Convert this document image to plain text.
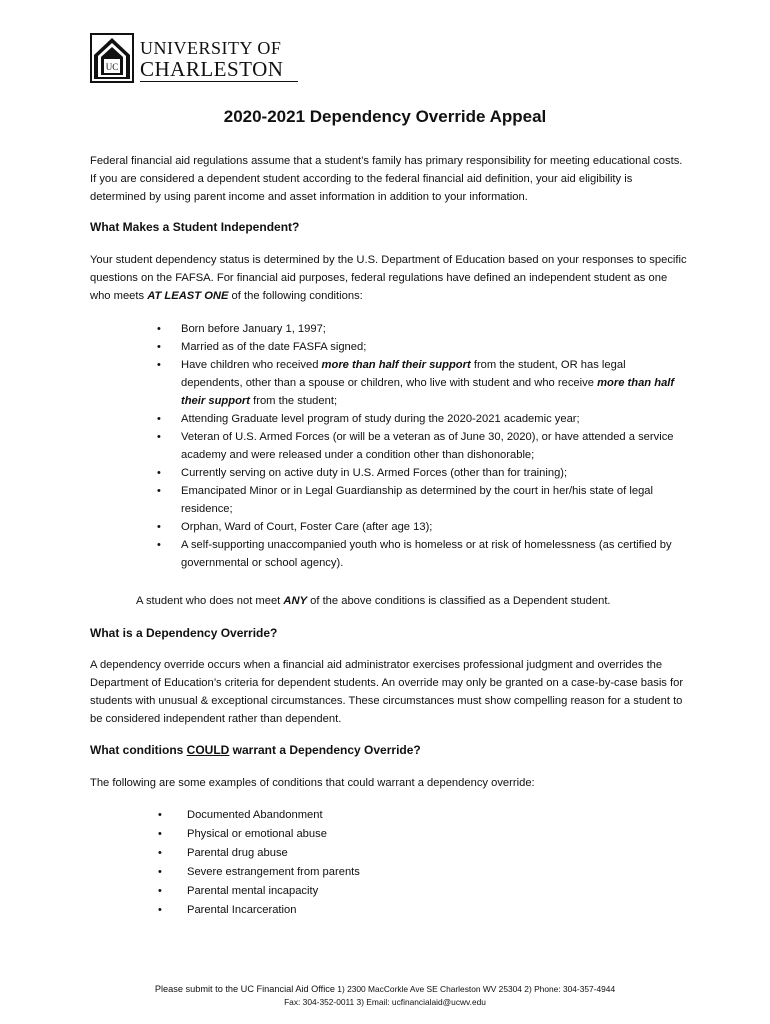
UC
UNIVERSITY OF
CHARLESTON
2020-2021 Dependency Override Appeal

Federal financial aid regulations assume that a student’s family has primary responsibility for meeting educational costs. If you are considered a dependent student according to the federal financial aid definition, your aid eligibility is determined by using parent income and asset information in addition to your information.

What Makes a Student Independent?

Your student dependency status is determined by the U.S. Department of Education based on your responses to specific questions on the FAFSA. For financial aid purposes, federal regulations have defined an independent student as one who meets AT LEAST ONE of the following conditions:

• Born before January 1, 1997;
• Married as of the date FASFA signed;
• Have children who received more than half their support from the student, OR has legal dependents, other than a spouse or children, who live with student and who receive more than half their support from the student;
• Attending Graduate level program of study during the 2020-2021 academic year;
• Veteran of U.S. Armed Forces (or will be a veteran as of June 30, 2020), or have attended a service academy and were released under a condition other than dishonorable;
• Currently serving on active duty in U.S. Armed Forces (other than for training);
• Emancipated Minor or in Legal Guardianship as determined by the court in her/his state of legal residence;
• Orphan, Ward of Court, Foster Care (after age 13);
• A self-supporting unaccompanied youth who is homeless or at risk of homelessness (as certified by governmental or school agency).

A student who does not meet ANY of the above conditions is classified as a Dependent student.

What is a Dependency Override?

A dependency override occurs when a financial aid administrator exercises professional judgment and overrides the Department of Education’s criteria for dependent students. An override may only be granted on a case-by-case basis for students with unusual & exceptional circumstances. These circumstances must show compelling reason for a student to be considered independent rather than dependent.

What conditions COULD warrant a Dependency Override?

The following are some examples of conditions that could warrant a dependency override:

• Documented Abandonment
• Physical or emotional abuse
• Parental drug abuse
• Severe estrangement from parents
• Parental mental incapacity
• Parental Incarceration
Please submit to the UC Financial Aid Office 1) 2300 MacCorkle Ave SE Charleston WV 25304 2) Phone: 304-357-4944
Fax: 304-352-0011 3) Email: ucfinancialaid@ucwv.edu
